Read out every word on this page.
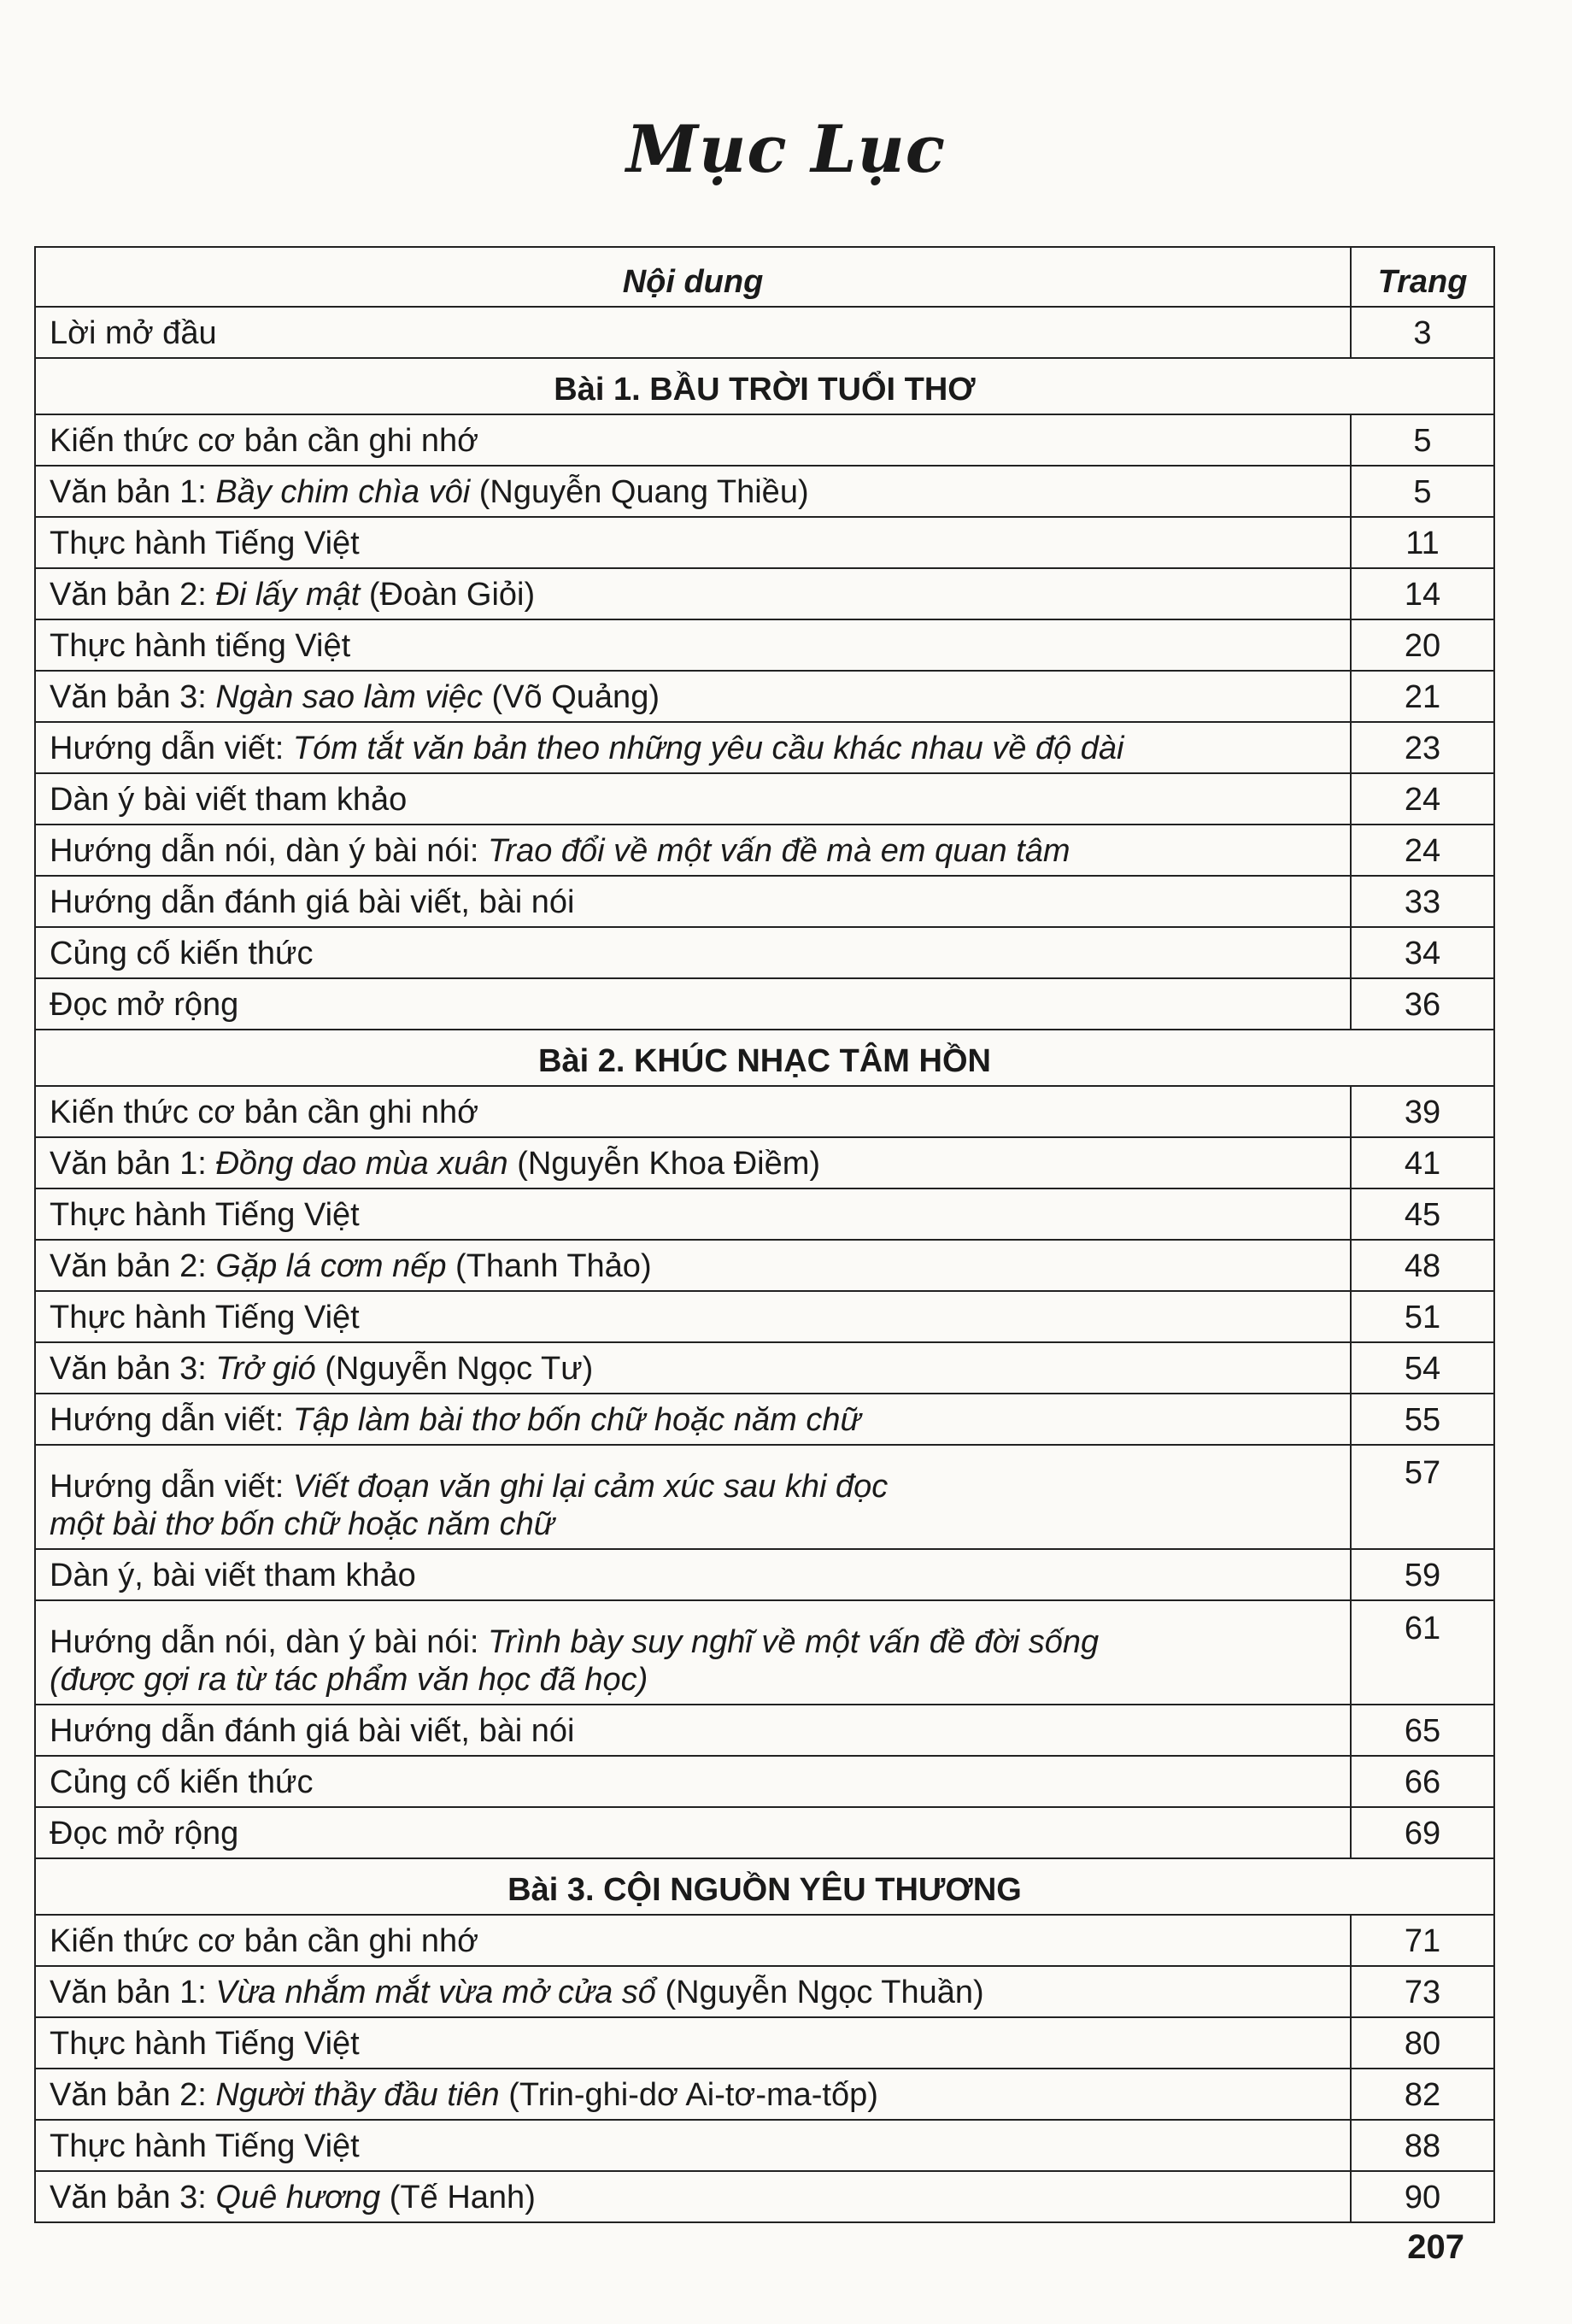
Mục Lục
Nội dung	Trang
Lời mở đầu	3
Bài 1. BẦU TRỜI TUỔI THƠ	
Kiến thức cơ bản cần ghi nhớ	5
Văn bản 1: Bầy chim chìa vôi (Nguyễn Quang Thiều)	5
Thực hành Tiếng Việt	11
Văn bản 2: Đi lấy mật (Đoàn Giỏi)	14
Thực hành tiếng Việt	20
Văn bản 3: Ngàn sao làm việc (Võ Quảng)	21
Hướng dẫn viết: Tóm tắt văn bản theo những yêu cầu khác nhau về độ dài	23
Dàn ý bài viết tham khảo	24
Hướng dẫn nói, dàn ý bài nói: Trao đổi về một vấn đề mà em quan tâm	24
Hướng dẫn đánh giá bài viết, bài nói	33
Củng cố kiến thức	34
Đọc mở rộng	36
Bài 2. KHÚC NHẠC TÂM HỒN	
Kiến thức cơ bản cần ghi nhớ	39
Văn bản 1: Đồng dao mùa xuân (Nguyễn Khoa Điềm)	41
Thực hành Tiếng Việt	45
Văn bản 2: Gặp lá cơm nếp (Thanh Thảo)	48
Thực hành Tiếng Việt	51
Văn bản 3: Trở gió (Nguyễn Ngọc Tư)	54
Hướng dẫn viết: Tập làm bài thơ bốn chữ hoặc năm chữ	55
Hướng dẫn viết: Viết đoạn văn ghi lại cảm xúc sau khi đọc
một bài thơ bốn chữ hoặc năm chữ	57
Dàn ý, bài viết tham khảo	59
Hướng dẫn nói, dàn ý bài nói: Trình bày suy nghĩ về một vấn đề đời sống
(được gợi ra từ tác phẩm văn học đã học)	61
Hướng dẫn đánh giá bài viết, bài nói	65
Củng cố kiến thức	66
Đọc mở rộng	69
Bài 3. CỘI NGUỒN YÊU THƯƠNG	
Kiến thức cơ bản cần ghi nhớ	71
Văn bản 1: Vừa nhắm mắt vừa mở cửa sổ (Nguyễn Ngọc Thuần)	73
Thực hành Tiếng Việt	80
Văn bản 2: Người thầy đầu tiên (Trin-ghi-dơ Ai-tơ-ma-tốp)	82
Thực hành Tiếng Việt	88
Văn bản 3: Quê hương (Tế Hanh)	90
207
